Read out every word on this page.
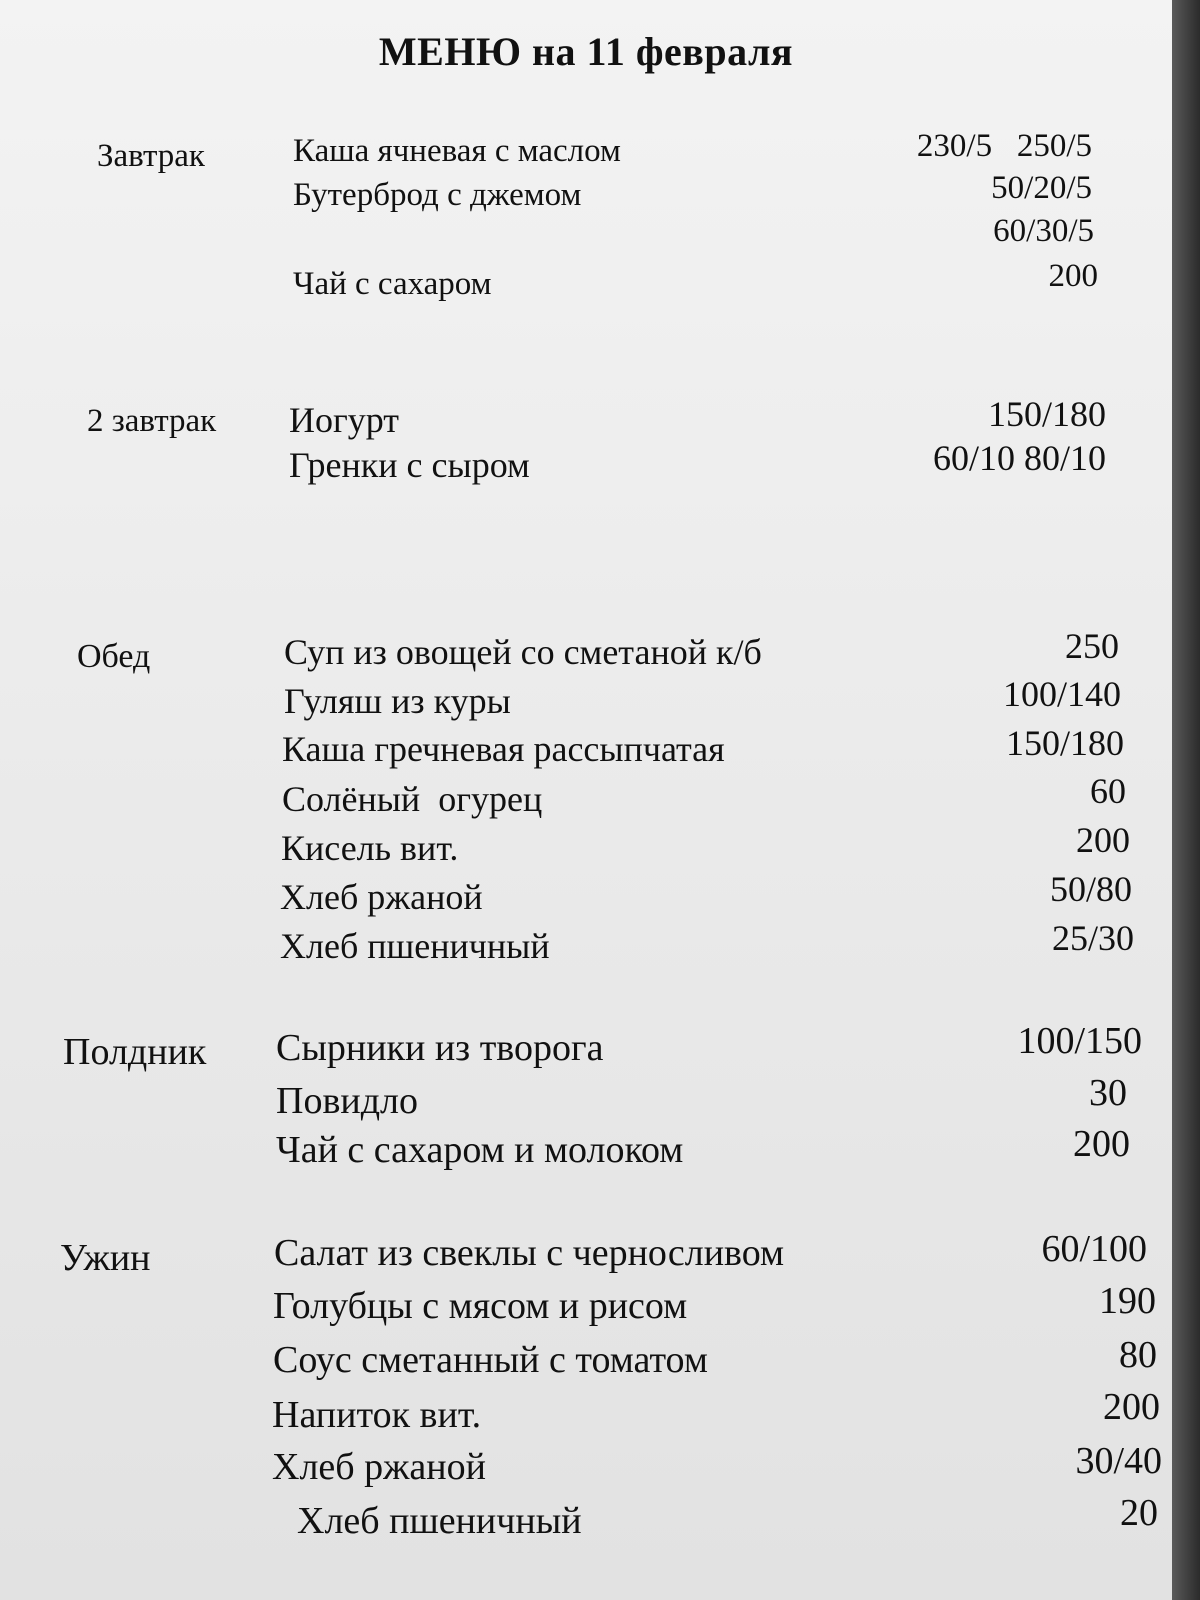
МЕНЮ на 11 февраля
Завтрак	Каша ячневая с маслом	230/5   250/5
Бутерброд с джемом	50/20/5
60/30/5
Чай с сахаром	200
2 завтрак Иогурт	150/180
Гренки с сыром	60/10 80/10
Обед	Суп из овощей со сметаной к/б	250
Гуляш из куры	100/140
Каша гречневая рассыпчатая	150/180
Солёный  огурец	60
Кисель вит.	200
Хлеб ржаной	50/80
Хлеб пшеничный	25/30
Полдник Сырники из творога	100/150
Повидло	30
Чай с сахаром и молоком	200
Ужин	Салат из свеклы с черносливом	60/100
Голубцы с мясом и рисом	190
Соус сметанный с томатом	80
Напиток вит.	200
Хлеб ржаной	30/40
Хлеб пшеничный	20
